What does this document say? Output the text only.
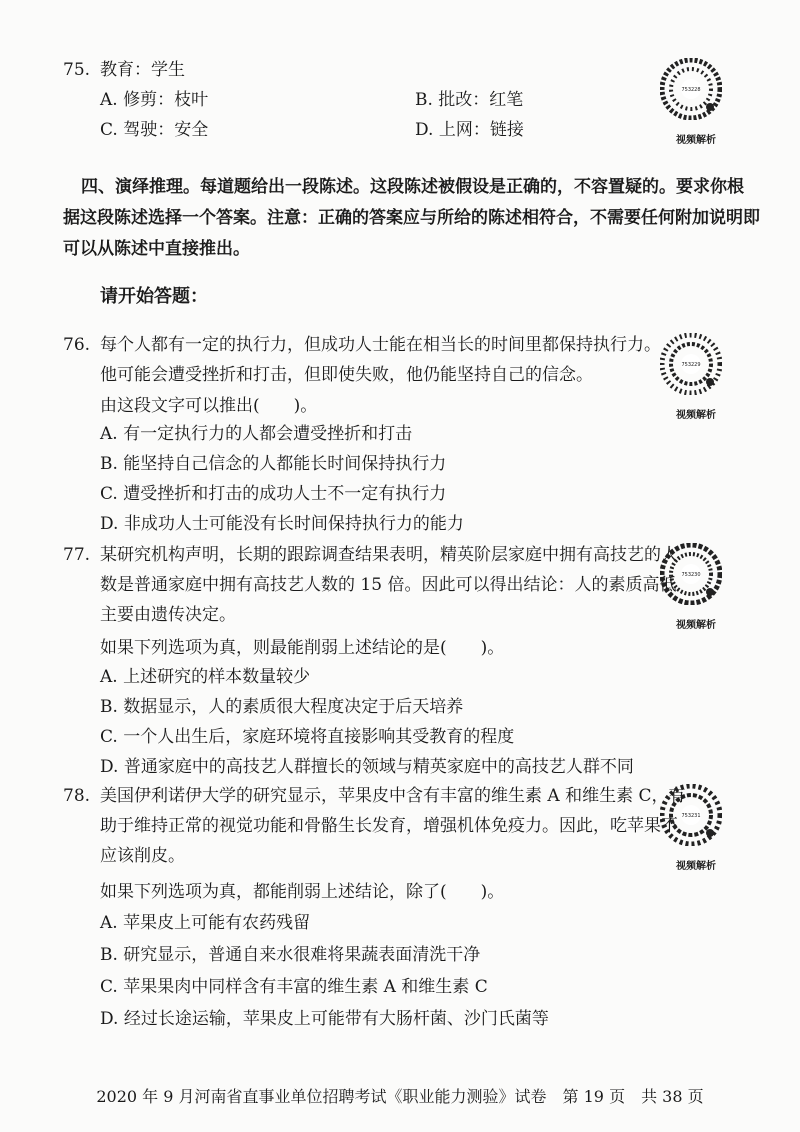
75. 教育：学生
A. 修剪：枝叶	B. 批改：红笔
C. 驾驶：安全	D. 上网：链接
753228
视频解析
四、演绎推理。每道题给出一段陈述。这段陈述被假设是正确的，不容置疑的。要求你根
据这段陈述选择一个答案。注意：正确的答案应与所给的陈述相符合，不需要任何附加说明即
可以从陈述中直接推出。
请开始答题：
76. 每个人都有一定的执行力，但成功人士能在相当长的时间里都保持执行力。
他可能会遭受挫折和打击，但即使失败，他仍能坚持自己的信念。
由这段文字可以推出(　　)。
A. 有一定执行力的人都会遭受挫折和打击
B. 能坚持自己信念的人都能长时间保持执行力
C. 遭受挫折和打击的成功人士不一定有执行力
D. 非成功人士可能没有长时间保持执行力的能力
753229
视频解析
77. 某研究机构声明，长期的跟踪调查结果表明，精英阶层家庭中拥有高技艺的人
数是普通家庭中拥有高技艺人数的 15 倍。因此可以得出结论：人的素质高低
主要由遗传决定。
如果下列选项为真，则最能削弱上述结论的是(　　)。
A. 上述研究的样本数量较少
B. 数据显示，人的素质很大程度决定于后天培养
C. 一个人出生后，家庭环境将直接影响其受教育的程度
D. 普通家庭中的高技艺人群擅长的领域与精英家庭中的高技艺人群不同
753230
视频解析
78. 美国伊利诺伊大学的研究显示，苹果皮中含有丰富的维生素 A 和维生素 C，有
助于维持正常的视觉功能和骨骼生长发育，增强机体免疫力。因此，吃苹果不
应该削皮。
如果下列选项为真，都能削弱上述结论，除了(　　)。
A. 苹果皮上可能有农药残留
B. 研究显示，普通自来水很难将果蔬表面清洗干净
C. 苹果果肉中同样含有丰富的维生素 A 和维生素 C
D. 经过长途运输，苹果皮上可能带有大肠杆菌、沙门氏菌等
753231
视频解析
2020 年 9 月河南省直事业单位招聘考试《职业能力测验》试卷　第 19 页　共 38 页
